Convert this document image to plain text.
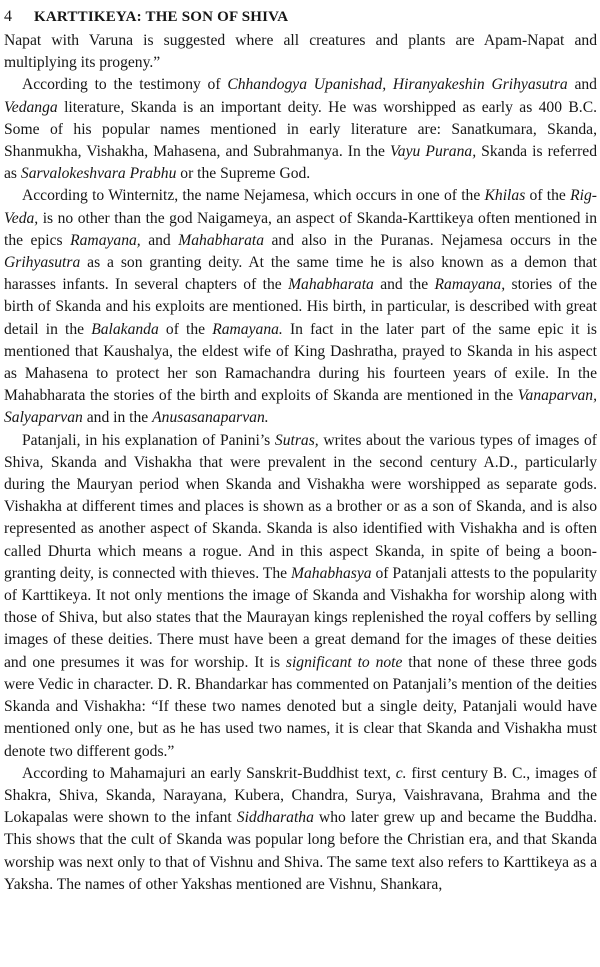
4	KARTTIKEYA: THE SON OF SHIVA

Napat with Varuna is suggested where all creatures and plants are Apam-Napat and multiplying its progeny.”

According to the testimony of Chhandogya Upanishad, Hiranyakeshin Grihyasutra and Vedanga literature, Skanda is an important deity. He was worshipped as early as 400 B.C. Some of his popular names mentioned in early literature are: Sanatkumara, Skanda, Shanmukha, Vishakha, Mahasena, and Subrahmanya. In the Vayu Purana, Skanda is referred as Sarvalokeshvara Prabhu or the Supreme God.

According to Winternitz, the name Nejamesa, which occurs in one of the Khilas of the Rig-Veda, is no other than the god Naigameya, an aspect of Skanda-Karttikeya often mentioned in the epics Ramayana, and Mahabharata and also in the Puranas. Nejamesa occurs in the Grihyasutra as a son granting deity. At the same time he is also known as a demon that harasses infants. In several chapters of the Mahabharata and the Ramayana, stories of the birth of Skanda and his exploits are mentioned. His birth, in particular, is described with great detail in the Balakanda of the Ramayana. In fact in the later part of the same epic it is mentioned that Kaushalya, the eldest wife of King Dashratha, prayed to Skanda in his aspect as Mahasena to protect her son Ramachandra during his fourteen years of exile. In the Mahabharata the stories of the birth and exploits of Skanda are mentioned in the Vanaparvan, Salyaparvan and in the Anusasanaparvan.

Patanjali, in his explanation of Panini’s Sutras, writes about the various types of images of Shiva, Skanda and Vishakha that were prevalent in the second century A.D., particularly during the Mauryan period when Skanda and Vishakha were worshipped as separate gods. Vishakha at different times and places is shown as a brother or as a son of Skanda, and is also represented as another aspect of Skanda. Skanda is also identified with Vishakha and is often called Dhurta which means a rogue. And in this aspect Skanda, in spite of being a boon-granting deity, is connected with thieves. The Mahabhasya of Patanjali attests to the popularity of Karttikeya. It not only mentions the image of Skanda and Vishakha for worship along with those of Shiva, but also states that the Maurayan kings replenished the royal coffers by selling images of these deities. There must have been a great demand for the images of these deities and one presumes it was for worship. It is significant to note that none of these three gods were Vedic in character. D. R. Bhandarkar has commented on Patanjali’s mention of the deities Skanda and Vishakha: “If these two names denoted but a single deity, Patanjali would have mentioned only one, but as he has used two names, it is clear that Skanda and Vishakha must denote two different gods.”

According to Mahamajuri an early Sanskrit-Buddhist text, c. first century B. C., images of Shakra, Shiva, Skanda, Narayana, Kubera, Chandra, Surya, Vaishravana, Brahma and the Lokapalas were shown to the infant Siddharatha who later grew up and became the Buddha. This shows that the cult of Skanda was popular long before the Christian era, and that Skanda worship was next only to that of Vishnu and Shiva. The same text also refers to Karttikeya as a Yaksha. The names of other Yakshas mentioned are Vishnu, Shankara,
